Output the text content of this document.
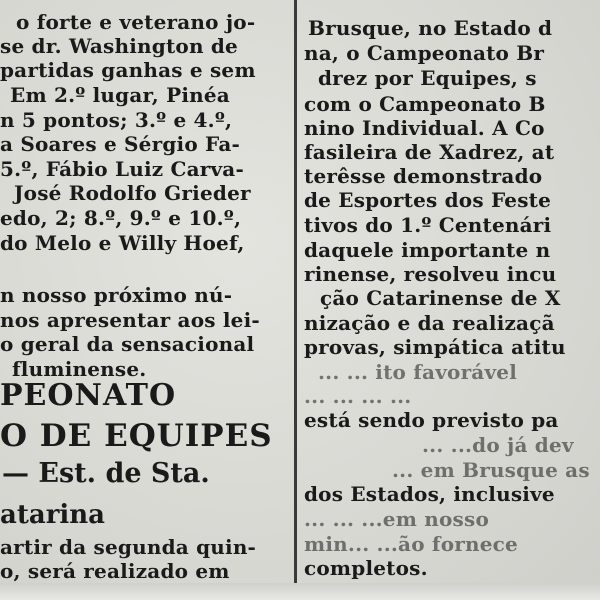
o forte e veterano jo-
se dr. Washington de
partidas ganhas e sem
Em 2.º lugar, Pinéa
n 5 pontos; 3.º e 4.º,
a Soares e Sérgio Fa-
5.º, Fábio Luiz Carva-
José Rodolfo Grieder
edo, 2; 8.º, 9.º e 10.º,
do Melo e Willy Hoef,
n nosso próximo nú-
nos apresentar aos lei-
o geral da sensacional
fluminense.
PEONATO
O DE EQUIPES
— Est. de Sta.
atarina
artir da segunda quin-
o, será realizado em
Brusque, no Estado d
na, o Campeonato Br
drez por Equipes, s
com o Campeonato B
nino Individual. A Co
fasileira de Xadrez, at
terêsse demonstrado
de Esportes dos Feste
tivos do 1.º Centenári
daquele importante n
rinense, resolveu incu
ção Catarinense de X
nização e da realizaçã
provas, simpática atitu
... ... ito favorável
... ... ... ...
está sendo previsto pa
... ...do já dev
... em Brusque as
dos Estados, inclusive
... ... ...em nosso
min... ...ão fornece
completos.
